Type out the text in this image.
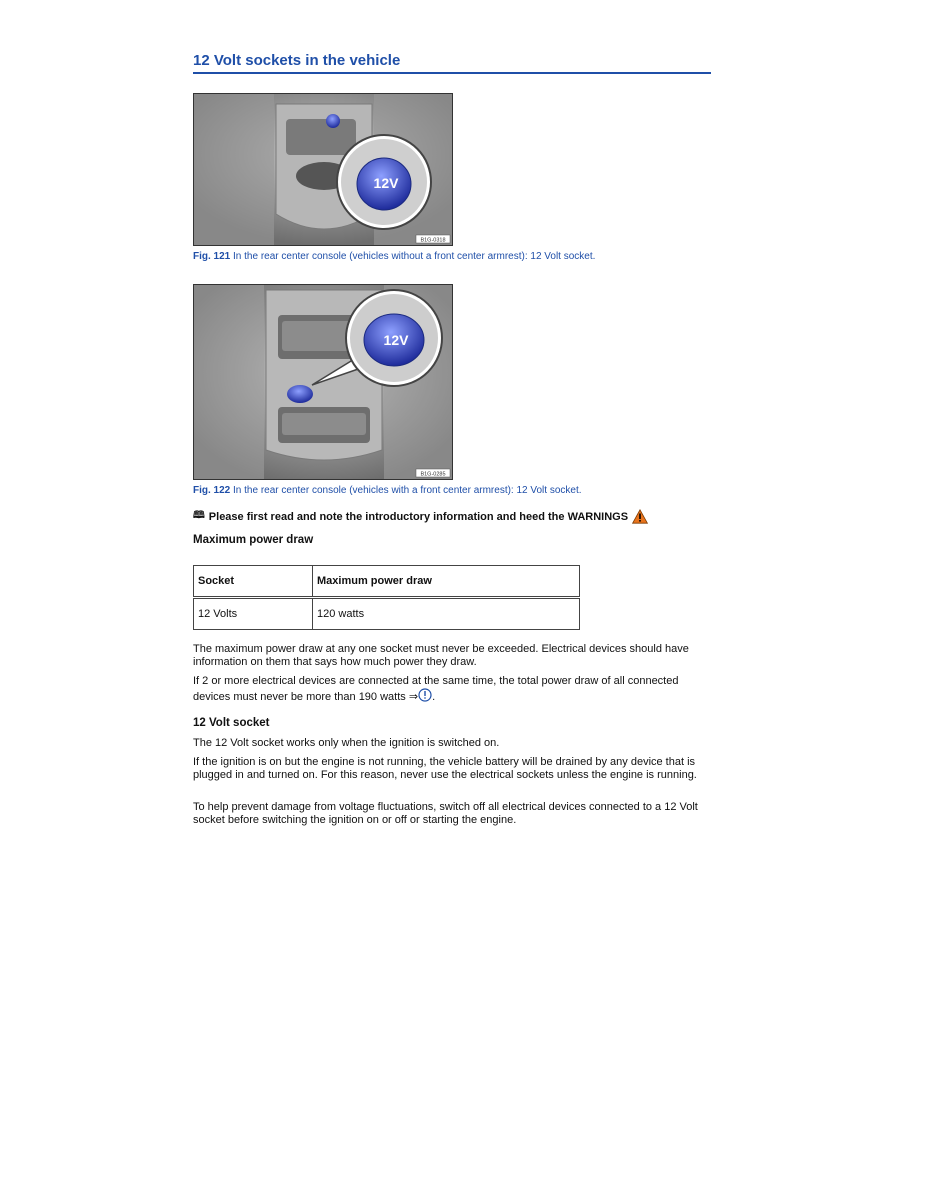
12 Volt sockets in the vehicle
12V
B1G-0318
Fig. 121 In the rear center console (vehicles without a front center armrest): 12 Volt socket.
12V
B1G-0285
Fig. 122 In the rear center console (vehicles with a front center armrest): 12 Volt socket.
🕮 Please first read and note the introductory information and heed the WARNINGS
Maximum power draw
Socket	Maximum power draw
12 Volts	120 watts
The maximum power draw at any one socket must never be exceeded. Electrical devices should have information on them that says how much power they draw.
If 2 or more electrical devices are connected at the same time, the total power draw of all connected devices must never be more than 190 watts ⇒ .
12 Volt socket
The 12 Volt socket works only when the ignition is switched on.
If the ignition is on but the engine is not running, the vehicle battery will be drained by any device that is plugged in and turned on. For this reason, never use the electrical sockets unless the engine is running.
To help prevent damage from voltage fluctuations, switch off all electrical devices connected to a 12 Volt socket before switching the ignition on or off or starting the engine.
